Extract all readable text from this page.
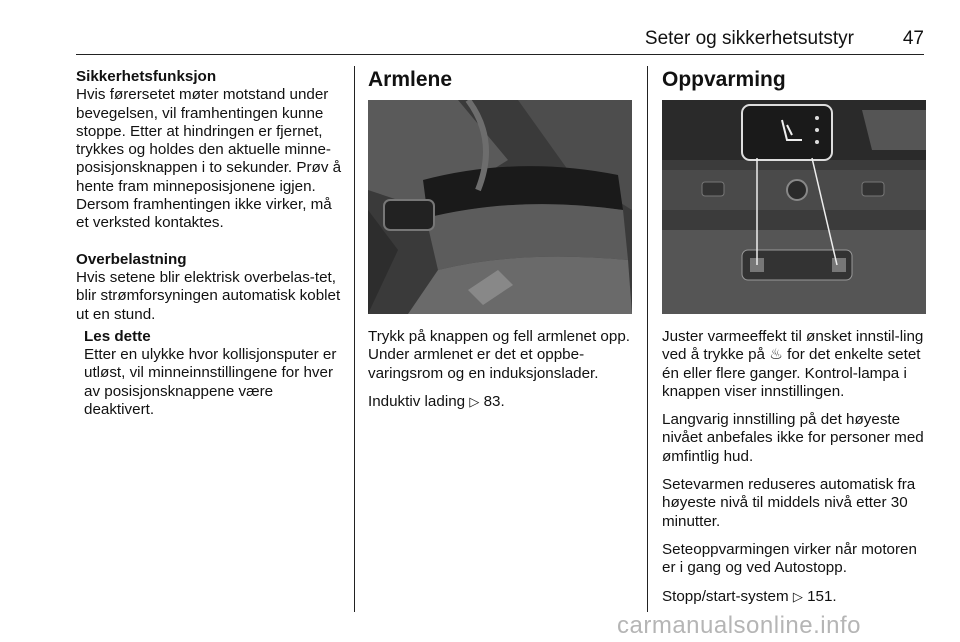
Seter og sikkerhetsutstyr	47
Sikkerhetsfunksjon

Hvis førersetet møter motstand under bevegelsen, vil framhentingen kunne stoppe. Etter at hindringen er fjernet, trykkes og holdes den aktuelle minne-posisjonsknappen i to sekunder. Prøv å hente fram minneposisjonene igjen. Dersom framhentingen ikke virker, må et verksted kontaktes.

Overbelastning

Hvis setene blir elektrisk overbelas-tet, blir strømforsyningen automatisk koblet ut en stund.

Les dette
Etter en ulykke hvor kollisjonsputer er utløst, vil minneinnstillingene for hver av posisjonsknappene være deaktivert.
Armlene

Trykk på knappen og fell armlenet opp. Under armlenet er det et oppbe-varingsrom og en induksjonslader.

Induktiv lading ▷ 83.

Oppvarming

Juster varmeeffekt til ønsket innstil-ling ved å trykke på ♨ for det enkelte setet én eller flere ganger. Kontrol-lampa i knappen viser innstillingen.

Langvarig innstilling på det høyeste nivået anbefales ikke for personer med ømfintlig hud.

Setevarmen reduseres automatisk fra høyeste nivå til middels nivå etter 30 minutter.

Seteoppvarmingen virker når motoren er i gang og ved Autostopp.

Stopp/start-system ▷ 151.

carmanualsonline.info
